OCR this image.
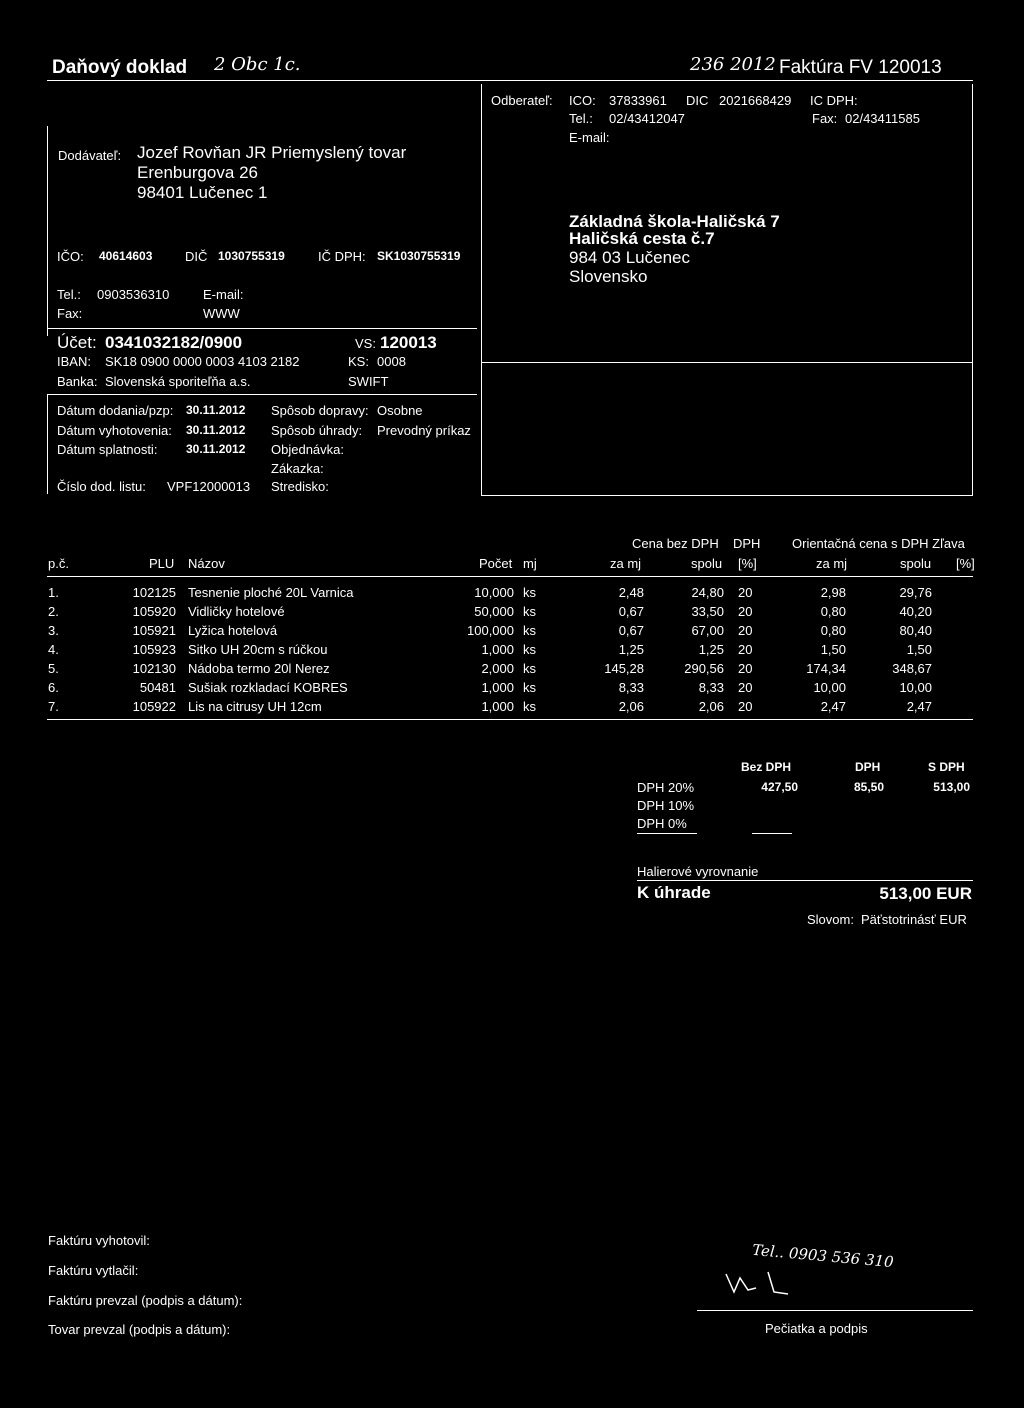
Daňový doklad 2 Obc 1c.	236 2012 Faktúra FV 120013
Dodávateľ: Jozef Rovňan JR Priemyslený tovar
Erenburgova 26
98401 Lučenec 1
IČO: 40614603	DIČ 1030755319	IČ DPH: SK1030755319
Tel.: 0903536310	E-mail:
Fax:	WWW
Účet: 0341032182/0900	VS: 120013
IBAN: SK18 0900 0000 0003 4103 2182	KS: 0008
Banka: Slovenská sporiteľňa a.s.	SWIFT
Dátum dodania/pzp: 30.11.2012 Spôsob dopravy: Osobne
Dátum vyhotovenia: 30.11.2012 Spôsob úhrady: Prevodný príkaz
Dátum splatnosti: 30.11.2012 Objednávka:
Zákazka:
Číslo dod. listu: VPF12000013 Stredisko:
Odberateľ: ICO: 37833961 DIC 2021668429 IC DPH:
Tel.: 02/43412047	Fax: 02/43411585
E-mail:
Základná škola-Haličská 7
Haličská cesta č.7
984 03 Lučenec
Slovensko
Cena bez DPH DPH Orientačná cena s DPH Zľava
p.č.	PLU Názov	Počet mj	za mj	spolu [%]	za mj	spolu [%]
1.	102125 Tesnenie ploché 20L Varnica	10,000 ks	2,48	24,80 20	2,98	29,76
2.	105920 Vidličky hotelové	50,000 ks	0,67	33,50 20	0,80	40,20
3.	105921 Lyžica hotelová	100,000 ks	0,67	67,00 20	0,80	80,40
4.	105923 Sitko UH 20cm s rúčkou	1,000 ks	1,25	1,25 20	1,50	1,50
5.	102130 Nádoba termo 20l Nerez	2,000 ks	145,28	290,56 20	174,34	348,67
6.	50481 Sušiak rozkladací KOBRES	1,000 ks	8,33	8,33 20	10,00	10,00
7.	105922 Lis na citrusy UH 12cm	1,000 ks	2,06	2,06 20	2,47	2,47
Bez DPH	DPH	S DPH
DPH 20%	427,50	85,50	513,00
DPH 10%
DPH 0%
Halierové vyrovnanie
K úhrade	513,00 EUR
Slovom: Päťstotrinásť EUR
Faktúru vyhotovil:
Faktúru vytlačil:
Faktúru prevzal (podpis a dátum):
Tovar prevzal (podpis a dátum):
Tel.. 0903 536 310
Pečiatka a podpis
